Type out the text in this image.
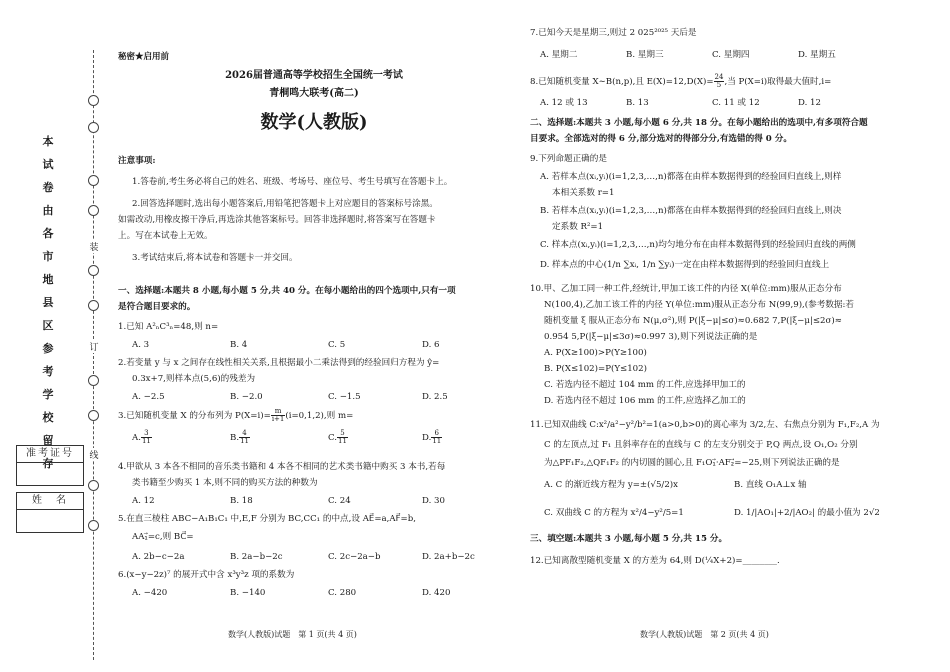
本
试
卷
由
各
市
地
县
区
参
考
学
校
留
存
装
订
线
准考证号
姓　名
秘密★启用前
2026届普通高等学校招生全国统一考试
青桐鸣大联考(高二)
数学(人教版)
注意事项:
1.答卷前,考生务必将自己的姓名、班级、考场号、座位号、考生号填写在答题卡上。
2.回答选择题时,选出每小题答案后,用铅笔把答题卡上对应题目的答案标号涂黑。
如需改动,用橡皮擦干净后,再选涂其他答案标号。回答非选择题时,将答案写在答题卡
上。写在本试卷上无效。
3.考试结束后,将本试卷和答题卡一并交回。
一、选择题:本题共 8 小题,每小题 5 分,共 40 分。在每小题给出的四个选项中,只有一项
是符合题目要求的。
1.已知 A²ₙC³ₙ=48,则 n=
A. 3	B. 4	C. 5	D. 6
2.若变量 y 与 x 之间存在线性相关关系,且根据最小二乘法得到的经验回归方程为 ŷ=
0.3x+7,则样本点(5,6)的残差为
A. −2.5	B. −2.0	C. −1.5	D. 2.5
3.已知随机变量 X 的分布列为 $P(X=i)= \frac{m}{i+1} (i=0,1,2)$,则 m=
A. $\frac{3}{11}$	B. $\frac{4}{11}$	C. $\frac{5}{11}$	D. $\frac{6}{11}$
4.甲欲从 3 本各不相同的音乐类书籍和 4 本各不相同的艺术类书籍中购买 3 本书,若每
类书籍至少购买 1 本,则不同的购买方法的种数为
A. 12	B. 18	C. 24	D. 30
5.在直三棱柱 ABC−A₁B₁C₁ 中,E,F 分别为 BC,CC₁ 的中点,设 AE⃗=a,AF⃗=b,
AA₁⃗=c,则 BC⃗=
A. 2b−c−2a	B. 2a−b−2c	C. 2c−2a−b	D. 2a+b−2c
6.(x−y−2z)⁷ 的展开式中含 x³y³z 项的系数为
A. −420	B. −140	C. 280	D. 420
数学(人教版)试题　第 1 页(共 4 页)
7.已知今天是星期三,则过 2 025²⁰²⁵ 天后是
A. 星期二	B. 星期三	C. 星期四	D. 星期五
8.已知随机变量 X∼B(n,p),且 $E(X)=12,D(X)= \frac{24}{5}$ ,当 P(X=i)取得最大值时,i=
A. 12 或 13	B. 13	C. 11 或 12	D. 12
二、选择题:本题共 3 小题,每小题 6 分,共 18 分。在每小题给出的选项中,有多项符合题
目要求。全部选对的得 6 分,部分选对的得部分分,有选错的得 0 分。
9.下列命题正确的是
A. 若样本点(xᵢ,yᵢ)(i=1,2,3,…,n)都落在由样本数据得到的经验回归直线上,则样
本相关系数 r=1
B. 若样本点(xᵢ,yᵢ)(i=1,2,3,…,n)都落在由样本数据得到的经验回归直线上,则决
定系数 R²=1
C. 样本点(xᵢ,yᵢ)(i=1,2,3,…,n)均匀地分布在由样本数据得到的经验回归直线的两侧
D. 样本点的中心(1/n ∑xᵢ, 1/n ∑yᵢ)一定在由样本数据得到的经验回归直线上
10.甲、乙加工同一种工件,经统计,甲加工该工件的内径 X(单位:mm)服从正态分布
N(100,4),乙加工该工件的内径 Y(单位:mm)服从正态分布 N(99,9),(参考数据:若
随机变量 ξ 服从正态分布 N(μ,σ²),则 P(|ξ−μ|≤σ)≈0.682 7,P(|ξ−μ|≤2σ)≈
0.954 5,P(|ξ−μ|≤3σ)≈0.997 3),则下列说法正确的是
A. P(X≥100)>P(Y≥100)
B. P(X≤102)=P(Y≤102)
C. 若选内径不超过 104 mm 的工件,应选择甲加工的
D. 若选内径不超过 106 mm 的工件,应选择乙加工的
11.已知双曲线 C:x²/a²−y²/b²=1(a>0,b>0)的离心率为 3/2,左、右焦点分别为 F₁,F₂,A 为
C 的左顶点,过 F₁ 且斜率存在的直线与 C 的左支分别交于 P,Q 两点,设 O₁,O₂ 分别
为△PF₁F₂,△QF₁F₂ 的内切圆的圆心,且 F₁O₁⃗·AF₂⃗=−25,则下列说法正确的是
A. C 的渐近线方程为 y=±(√5/2)x	B. 直线 O₁A⊥x 轴
C. 双曲线 C 的方程为 x²/4−y²/5=1	D. 1/|AO₁|+2/|AO₂| 的最小值为 2√2
三、填空题:本题共 3 小题,每小题 5 分,共 15 分。
12.已知离散型随机变量 X 的方差为 64,则 D(¼X+2)=________.
数学(人教版)试题　第 2 页(共 4 页)
